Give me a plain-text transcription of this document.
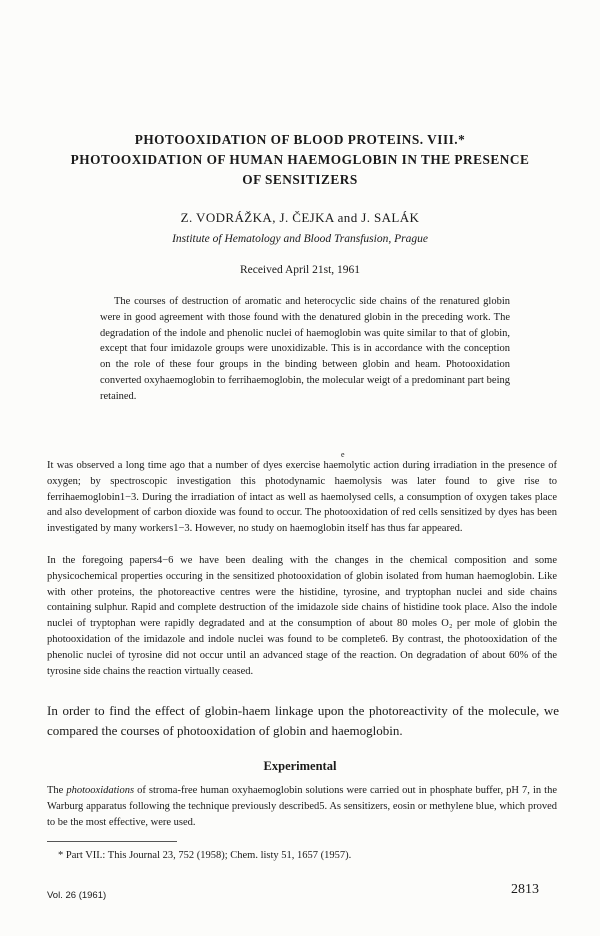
PHOTOOXIDATION OF BLOOD PROTEINS. VIII.*
PHOTOOXIDATION OF HUMAN HAEMOGLOBIN IN THE PRESENCE
OF SENSITIZERS
Z. VODRÁŽKA, J. ČEJKA and J. SALÁK
Institute of Hematology and Blood Transfusion, Prague
Received April 21st, 1961

The courses of destruction of aromatic and heterocyclic side chains of the renatured globin were in good agreement with those found with the denatured globin in the preceding work. The degradation of the indole and phenolic nuclei of haemoglobin was quite similar to that of globin, except that four imidazole groups were unoxidizable. This is in accordance with the conception on the role of these four groups in the binding between globin and heam. Photooxidation converted oxyhaemoglobin to ferrihaemoglobin, the molecular weigt of a predominant part being retained.

e

It was observed a long time ago that a number of dyes exercise haemolytic action during irradiation in the presence of oxygen; by spectroscopic investigation this photodynamic haemolysis was later found to give rise to ferrihaemoglobin1−3. During the irradiation of intact as well as haemolysed cells, a consumption of oxygen takes place and also development of carbon dioxide was found to occur. The photooxidation of red cells sensitized by dyes has been investigated by many workers1−3. However, no study on haemoglobin itself has thus far appeared.

In the foregoing papers4−6 we have been dealing with the changes in the chemical composition and some physicochemical properties occuring in the sensitized photooxidation of globin isolated from human haemoglobin. Like with other proteins, the photoreactive centres were the histidine, tyrosine, and tryptophan nuclei and side chains containing sulphur. Rapid and complete destruction of the imidazole side chains of histidine took place. Also the indole nuclei of tryptophan were rapidly degradated and at the consumption of about 80 moles O₂ per mole of globin the photooxidation of the imidazole and indole nuclei was found to be complete6. By contrast, the photooxidation of the phenolic nuclei of tyrosine did not occur until an advanced stage of the reaction. On degradation of about 60% of the tyrosine side chains the reaction virtually ceased.

In order to find the effect of globin-haem linkage upon the photoreactivity of the molecule, we compared the courses of photooxidation of globin and haemoglobin.

Experimental

The photooxidations of stroma-free human oxyhaemoglobin solutions were carried out in phosphate buffer, pH 7, in the Warburg apparatus following the technique previously described5. As sensitizers, eosin or methylene blue, which proved to be the most effective, were used.

* Part VII.: This Journal 23, 752 (1958); Chem. listy 51, 1657 (1957).
Vol. 26 (1961)	2813
